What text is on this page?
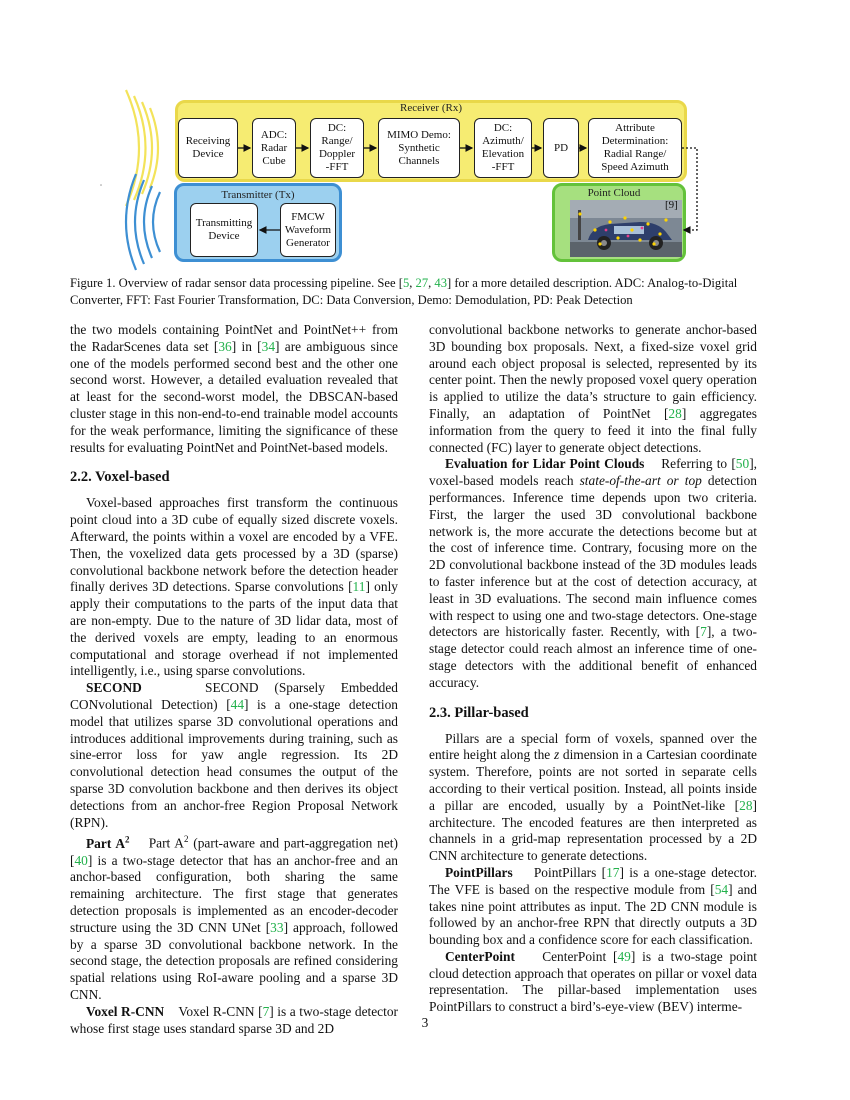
Receiver (Rx)
Transmitter (Tx)	Point Cloud
Receiving
Device
ADC:
Radar
Cube
DC:
Range/
Doppler
-FFT
MIMO Demo:
Synthetic
Channels
DC:
Azimuth/
Elevation
-FFT
PD
Attribute
Determination:
Radial Range/
Speed Azimuth
Transmitting
Device
FMCW
Waveform
Generator
[9]
Figure 1. Overview of radar sensor data processing pipeline. See [5, 27, 43] for a more detailed description. ADC: Analog-to-Digital Converter, FFT: Fast Fourier Transformation, DC: Data Conversion, Demo: Demodulation, PD: Peak Detection

the two models containing PointNet and PointNet++ from the RadarScenes data set [36] in [34] are ambiguous since one of the models performed second best and the other one second worst. However, a detailed evaluation revealed that at least for the second-worst model, the DBSCAN-based cluster stage in this non-end-to-end trainable model accounts for the weak performance, limiting the significance of these results for evaluating PointNet and PointNet-based models.

2.2. Voxel-based

Voxel-based approaches first transform the continuous point cloud into a 3D cube of equally sized discrete voxels. Afterward, the points within a voxel are encoded by a VFE. Then, the voxelized data gets processed by a 3D (sparse) convolutional backbone network before the detection header finally derives 3D detections. Sparse convolutions [11] only apply their computations to the parts of the input data that are non-empty. Due to the nature of 3D lidar data, most of the derived voxels are empty, leading to an enormous computational and storage overhead if not implemented intelligently, i.e., using sparse convolutions.

SECOND	SECOND (Sparsely Embedded CONvolutional Detection) [44] is a one-stage detection model that utilizes sparse 3D convolutional operations and introduces additional improvements during training, such as sine-error loss for yaw angle regression. Its 2D convolutional detection head consumes the output of the sparse 3D convolution backbone and then derives its object detections from an anchor-free Region Proposal Network (RPN).

Part $A^2$ Part $A^2$ (part-aware and part-aggregation net) [40] is a two-stage detector that has an anchor-free and an anchor-based configuration, both sharing the same remaining architecture. The first stage that generates detection proposals is implemented as an encoder-decoder structure using the 3D CNN UNet [33] approach, followed by a sparse 3D convolutional backbone network. In the second stage, the detection proposals are refined considering spatial relations using RoI-aware pooling and a sparse 3D CNN.

Voxel R-CNN Voxel R-CNN [7] is a two-stage detector whose first stage uses standard sparse 3D and 2D

convolutional backbone networks to generate anchor-based 3D bounding box proposals. Next, a fixed-size voxel grid around each object proposal is selected, represented by its center point. Then the newly proposed voxel query operation is applied to utilize the data’s structure to gain efficiency. Finally, an adaptation of PointNet [28] aggregates information from the query to feed it into the final fully connected (FC) layer to generate object detections.

Evaluation for Lidar Point Clouds Referring to [50], voxel-based models reach state-of-the-art or top detection performances. Inference time depends upon two criteria. First, the larger the used 3D convolutional backbone network is, the more accurate the detections become but at the cost of inference time. Contrary, focusing more on the 2D convolutional backbone instead of the 3D modules leads to faster inference but at the cost of detection accuracy, at least in 3D evaluations. The second main influence comes with respect to using one and two-stage detectors. One-stage detectors are historically faster. Recently, with [7], a two-stage detector could reach almost an inference time of one-stage detectors with the additional benefit of enhanced accuracy.

2.3. Pillar-based

Pillars are a special form of voxels, spanned over the entire height along the z dimension in a Cartesian coordinate system. Therefore, points are not sorted in separate cells according to their vertical position. Instead, all points inside a pillar are encoded, usually by a PointNet-like [28] architecture. The encoded features are then interpreted as channels in a grid-map representation processed by a 2D CNN architecture to generate detections.

PointPillars PointPillars [17] is a one-stage detector. The VFE is based on the respective module from [54] and takes nine point attributes as input. The 2D CNN module is followed by an anchor-free RPN that directly outputs a 3D bounding box and a confidence score for each classification.

CenterPoint CenterPoint [49] is a two-stage point cloud detection approach that operates on pillar or voxel data representation. The pillar-based implementation uses PointPillars to construct a bird’s-eye-view (BEV) interme-

3
